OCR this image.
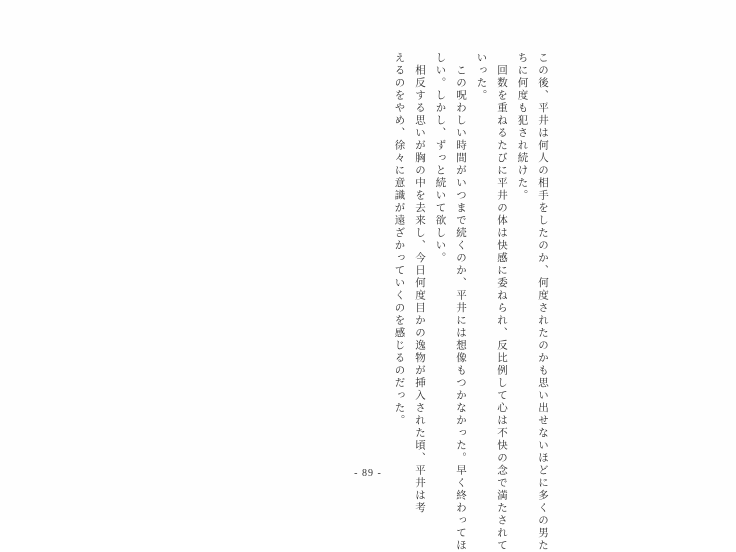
この後、平井は何人の相手をしたのか、何度されたのかも思い出せないほどに多くの男た
ちに何度も犯され続けた。
　回数を重ねるたびに平井の体は快感に委ねられ、反比例して心は不快の念で満たされて
いった。
　この呪わしい時間がいつまで続くのか、平井には想像もつかなかった。早く終わってほ
しい。しかし、ずっと続いて欲しい。
　相反する思いが胸の中を去来し、今日何度目かの逸物が挿入された頃、平井は考
えるのをやめ、徐々に意識が遠ざかっていくのを感じるのだった。
- 89 -
